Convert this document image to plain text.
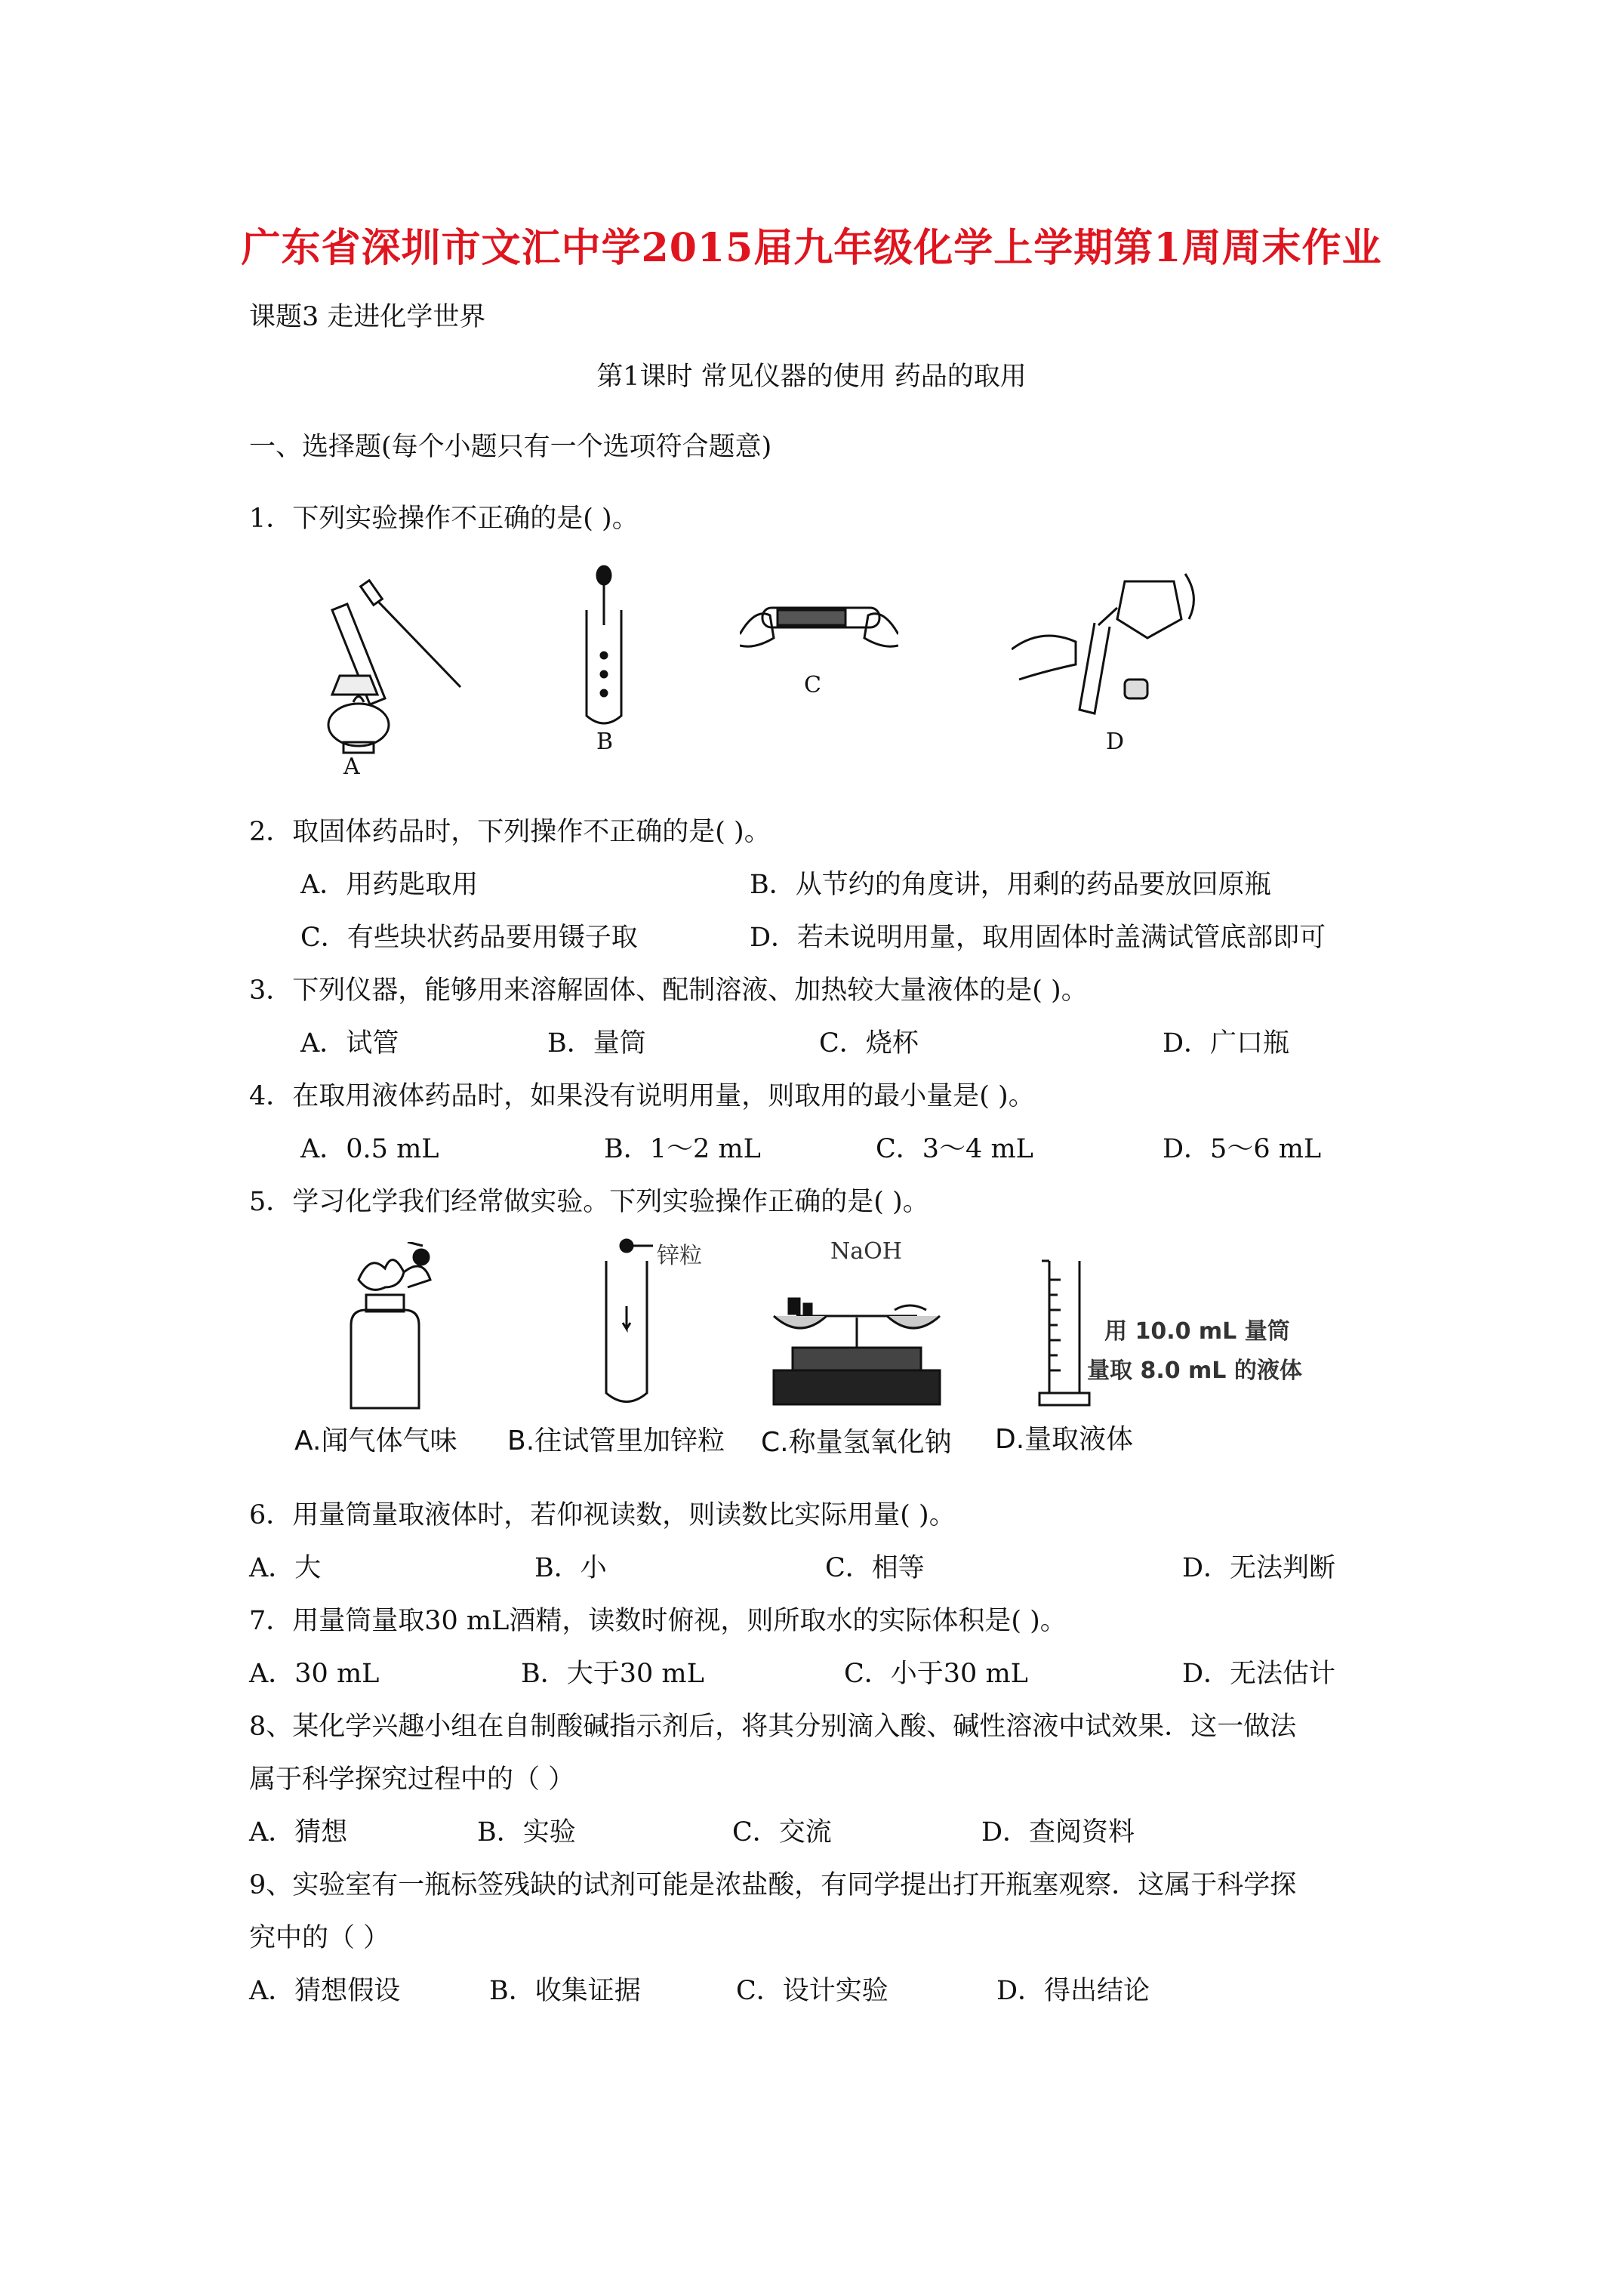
广东省深圳市文汇中学2015届九年级化学上学期第1周周末作业
课题3 走进化学世界
第1课时 常见仪器的使用 药品的取用
一、选择题(每个小题只有一个选项符合题意)
1．下列实验操作不正确的是( )。
A
B
C
D
2．取固体药品时，下列操作不正确的是( )。
A．用药匙取用	B．从节约的角度讲，用剩的药品要放回原瓶
C．有些块状药品要用镊子取	D．若未说明用量，取用固体时盖满试管底部即可
3．下列仪器，能够用来溶解固体、配制溶液、加热较大量液体的是( )。
A．试管	B．量筒	C．烧杯	D．广口瓶
4．在取用液体药品时，如果没有说明用量，则取用的最小量是( )。
A．0.5 mL	B．1～2 mL	C．3～4 mL	D．5～6 mL
5．学习化学我们经常做实验。下列实验操作正确的是( )。
A.闻气体气味
锌粒
B.往试管里加锌粒
NaOH
C.称量氢氧化钠
用 10.0 mL 量筒
量取 8.0 mL 的液体
D.量取液体
6．用量筒量取液体时，若仰视读数，则读数比实际用量( )。
A．大	B．小	C．相等	D．无法判断
7．用量筒量取30 mL酒精，读数时俯视，则所取水的实际体积是( )。
A．30 mL	B．大于30 mL	C．小于30 mL	D．无法估计
8、某化学兴趣小组在自制酸碱指示剂后，将其分别滴入酸、碱性溶液中试效果．这一做法
属于科学探究过程中的（ ）
A．猜想	B．实验	C．交流	D．查阅资料
9、实验室有一瓶标签残缺的试剂可能是浓盐酸，有同学提出打开瓶塞观察．这属于科学探
究中的（ ）
A．猜想假设	B．收集证据	C．设计实验	D．得出结论
